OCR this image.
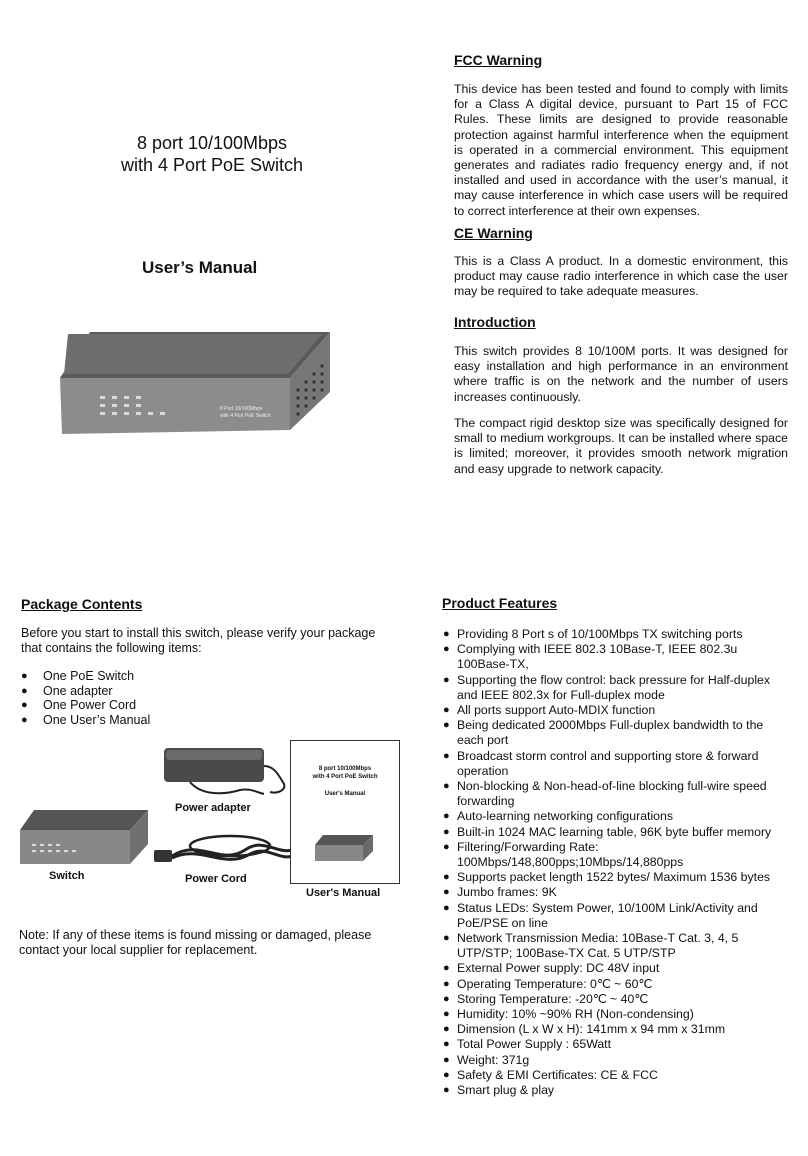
8 port 10/100Mbps
with 4 Port PoE Switch
User’s Manual
8 Port 10/100Mbps
with 4 Port PoE Switch
FCC Warning
This device has been tested and found to comply with limits for a Class A digital device, pursuant to Part 15 of FCC Rules. These limits are designed to provide reasonable protection against harmful interference when the equipment is operated in a commercial environment. This equipment generates and radiates radio frequency energy and, if not installed and used in accordance with the user’s manual, it may cause interference in which case users will be required to correct interference at their own expenses.
CE Warning
This is a Class A product. In a domestic environment, this product may cause radio interference in which case the user may be required to take adequate measures.
Introduction
This switch provides 8 10/100M ports. It was designed for easy installation and high performance in an environment where traffic is on the network and the number of users increases continuously.
The compact rigid desktop size was specifically designed for small to medium workgroups. It can be installed where space is limited; moreover, it provides smooth network migration and easy upgrade to network capacity.
Package Contents
Before you start to install this switch, please verify your package that contains the following items:
● One PoE Switch
● One adapter
● One Power Cord
● One User’s Manual
Power adapter
Switch	Power Cord
8 port 10/100Mbps
with 4 Port PoE Switch
User's Manual
User's Manual
Note: If any of these items is found missing or damaged, please contact your local supplier for replacement.
Product Features
● Providing 8 Port s of 10/100Mbps TX switching ports
● Complying with IEEE 802.3 10Base-T, IEEE 802.3u 100Base-TX,
● Supporting the flow control: back pressure for Half-duplex and IEEE 802.3x for Full-duplex mode
● All ports support Auto-MDIX function
● Being dedicated 2000Mbps Full-duplex bandwidth to the each port
● Broadcast storm control and supporting store & forward operation
● Non-blocking & Non-head-of-line blocking full-wire speed forwarding
● Auto-learning networking configurations
● Built-in 1024 MAC learning table, 96K byte buffer memory
● Filtering/Forwarding Rate: 100Mbps/148,800pps;10Mbps/14,880pps
● Supports packet length 1522 bytes/ Maximum 1536 bytes
● Jumbo frames: 9K
● Status LEDs: System Power, 10/100M Link/Activity and PoE/PSE on line
● Network Transmission Media: 10Base-T Cat. 3, 4, 5 UTP/STP; 100Base-TX Cat. 5 UTP/STP
● External Power supply: DC 48V input
● Operating Temperature: 0℃ ~ 60℃
● Storing Temperature: -20℃ ~ 40℃
● Humidity: 10% ~90% RH (Non-condensing)
● Dimension (L x W x H): 141mm x 94 mm x 31mm
● Total Power Supply : 65Watt
● Weight: 371g
● Safety & EMI Certificates: CE & FCC
● Smart plug & play
